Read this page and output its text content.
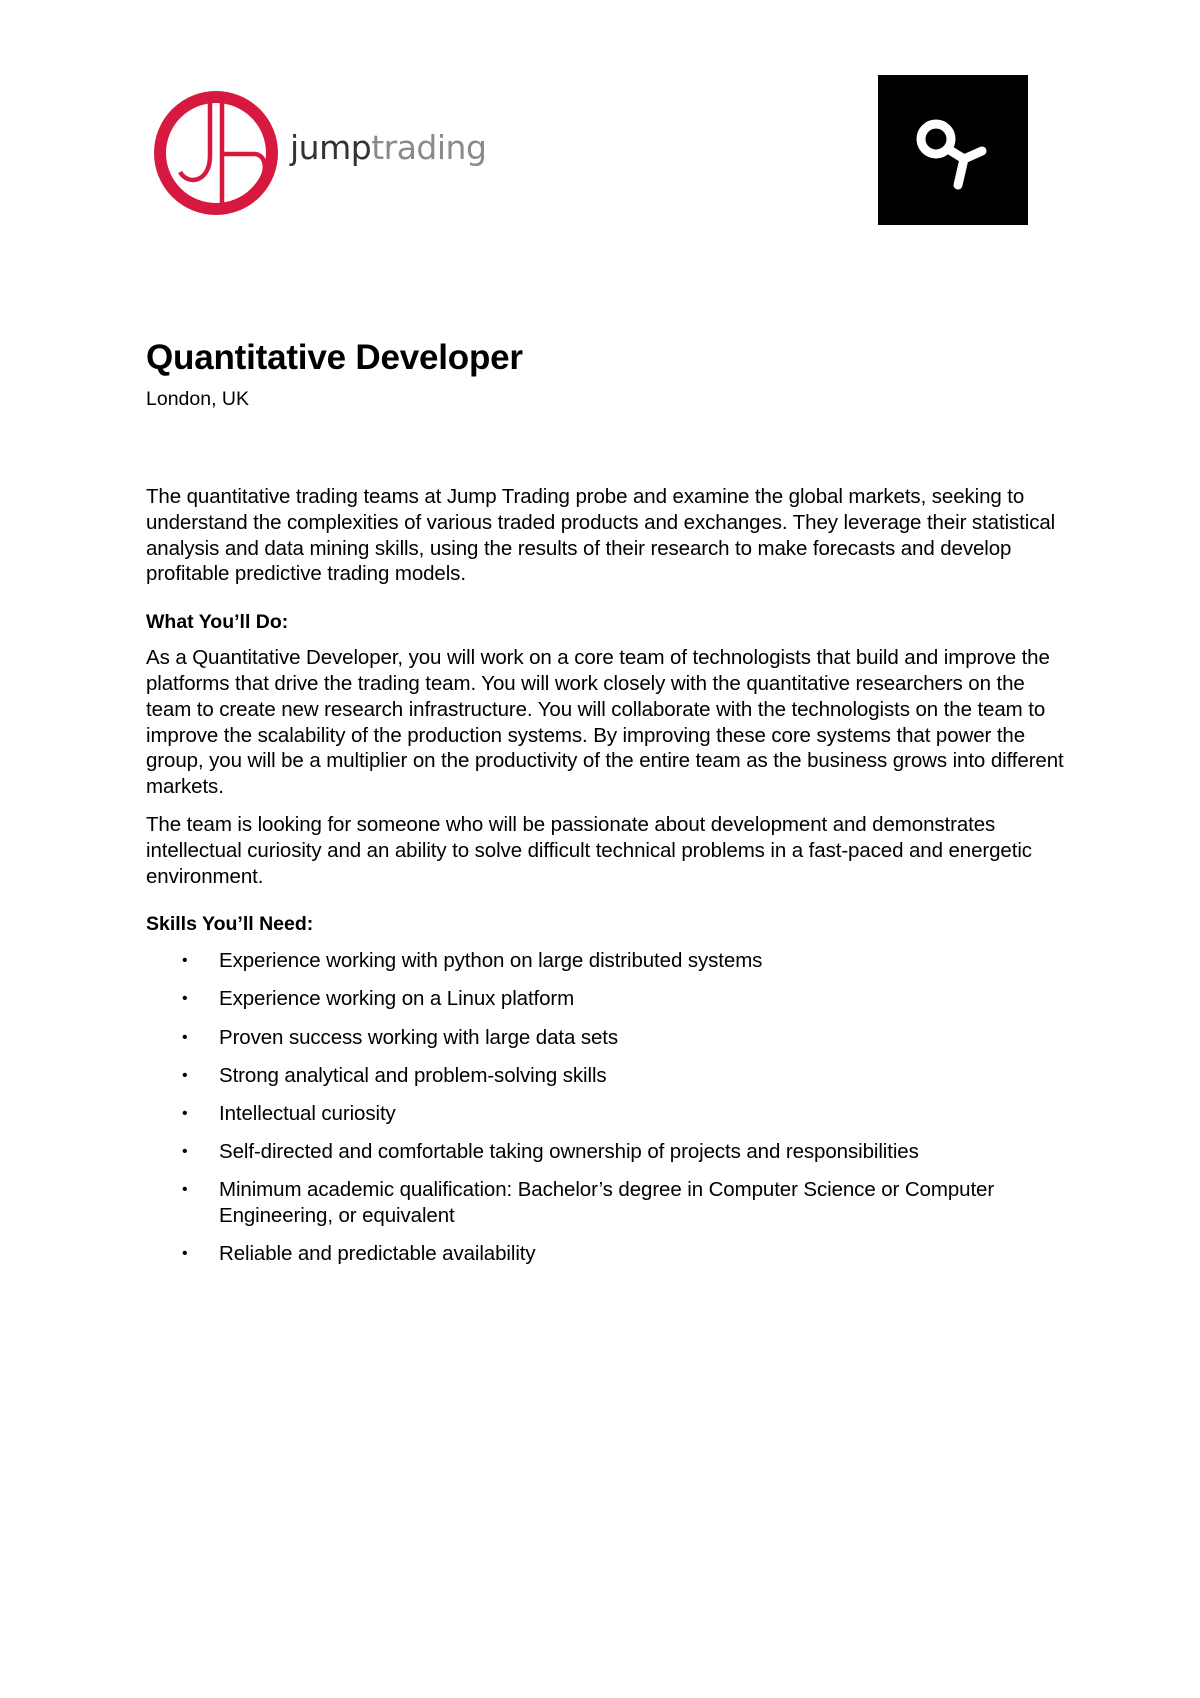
jumptrading
Quantitative Developer

London, UK

The quantitative trading teams at Jump Trading probe and examine the global markets, seeking to understand the complexities of various traded products and exchanges. They leverage their statistical analysis and data mining skills, using the results of their research to make forecasts and develop profitable predictive trading models.

What You’ll Do:

As a Quantitative Developer, you will work on a core team of technologists that build and improve the platforms that drive the trading team. You will work closely with the quantitative researchers on the team to create new research infrastructure. You will collaborate with the technologists on the team to improve the scalability of the production systems. By improving these core systems that power the group, you will be a multiplier on the productivity of the entire team as the business grows into different markets.

The team is looking for someone who will be passionate about development and demonstrates intellectual curiosity and an ability to solve difficult technical problems in a fast-paced and energetic environment.

Skills You’ll Need:
• Experience working with python on large distributed systems
• Experience working on a Linux platform
• Proven success working with large data sets
• Strong analytical and problem-solving skills
• Intellectual curiosity
• Self-directed and comfortable taking ownership of projects and responsibilities
• Minimum academic qualification: Bachelor’s degree in Computer Science or Computer Engineering, or equivalent
• Reliable and predictable availability
